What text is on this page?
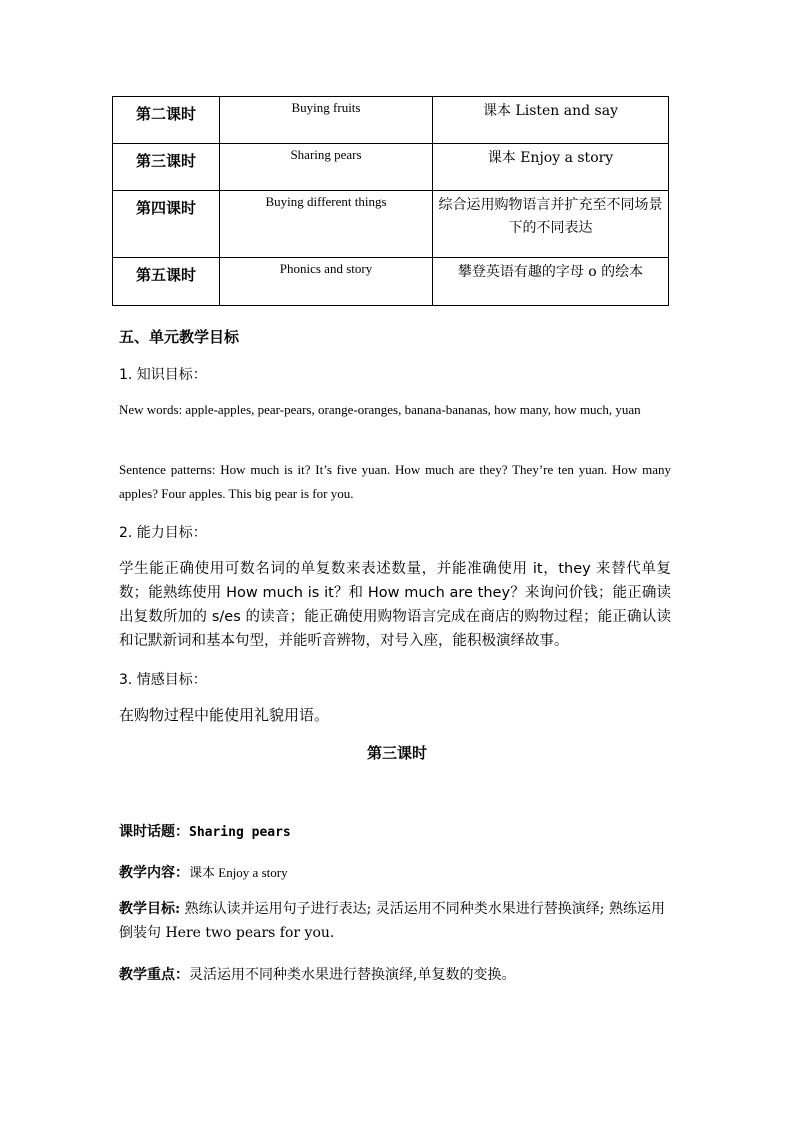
第二课时	Buying fruits	课本 Listen and say
第三课时	Sharing pears	课本 Enjoy a story
第四课时	Buying different things	综合运用购物语言并扩充至不同场景下的不同表达
第五课时	Phonics and story	攀登英语有趣的字母 o 的绘本
五、单元教学目标
1. 知识目标：
New words: apple-apples, pear-pears, orange-oranges, banana-bananas, how many, how much, yuan
Sentence patterns: How much is it? It’s five yuan. How much are they? They’re ten yuan. How many apples? Four apples. This big pear is for you.
2. 能力目标：
学生能正确使用可数名词的单复数来表述数量，并能准确使用 it，they 来替代单复数；能熟练使用 How much is it？和 How much are they？来询问价钱；能正确读出复数所加的 s/es 的读音；能正确使用购物语言完成在商店的购物过程；能正确认读和记默新词和基本句型，并能听音辨物，对号入座，能积极演绎故事。
3. 情感目标：
在购物过程中能使用礼貌用语。
第三课时
课时话题：Sharing pears
教学内容：课本 Enjoy a story
教学目标: 熟练认读并运用句子进行表达; 灵活运用不同种类水果进行替换演绎; 熟练运用倒装句 Here two pears for you.
教学重点：灵活运用不同种类水果进行替换演绎,单复数的变换。
